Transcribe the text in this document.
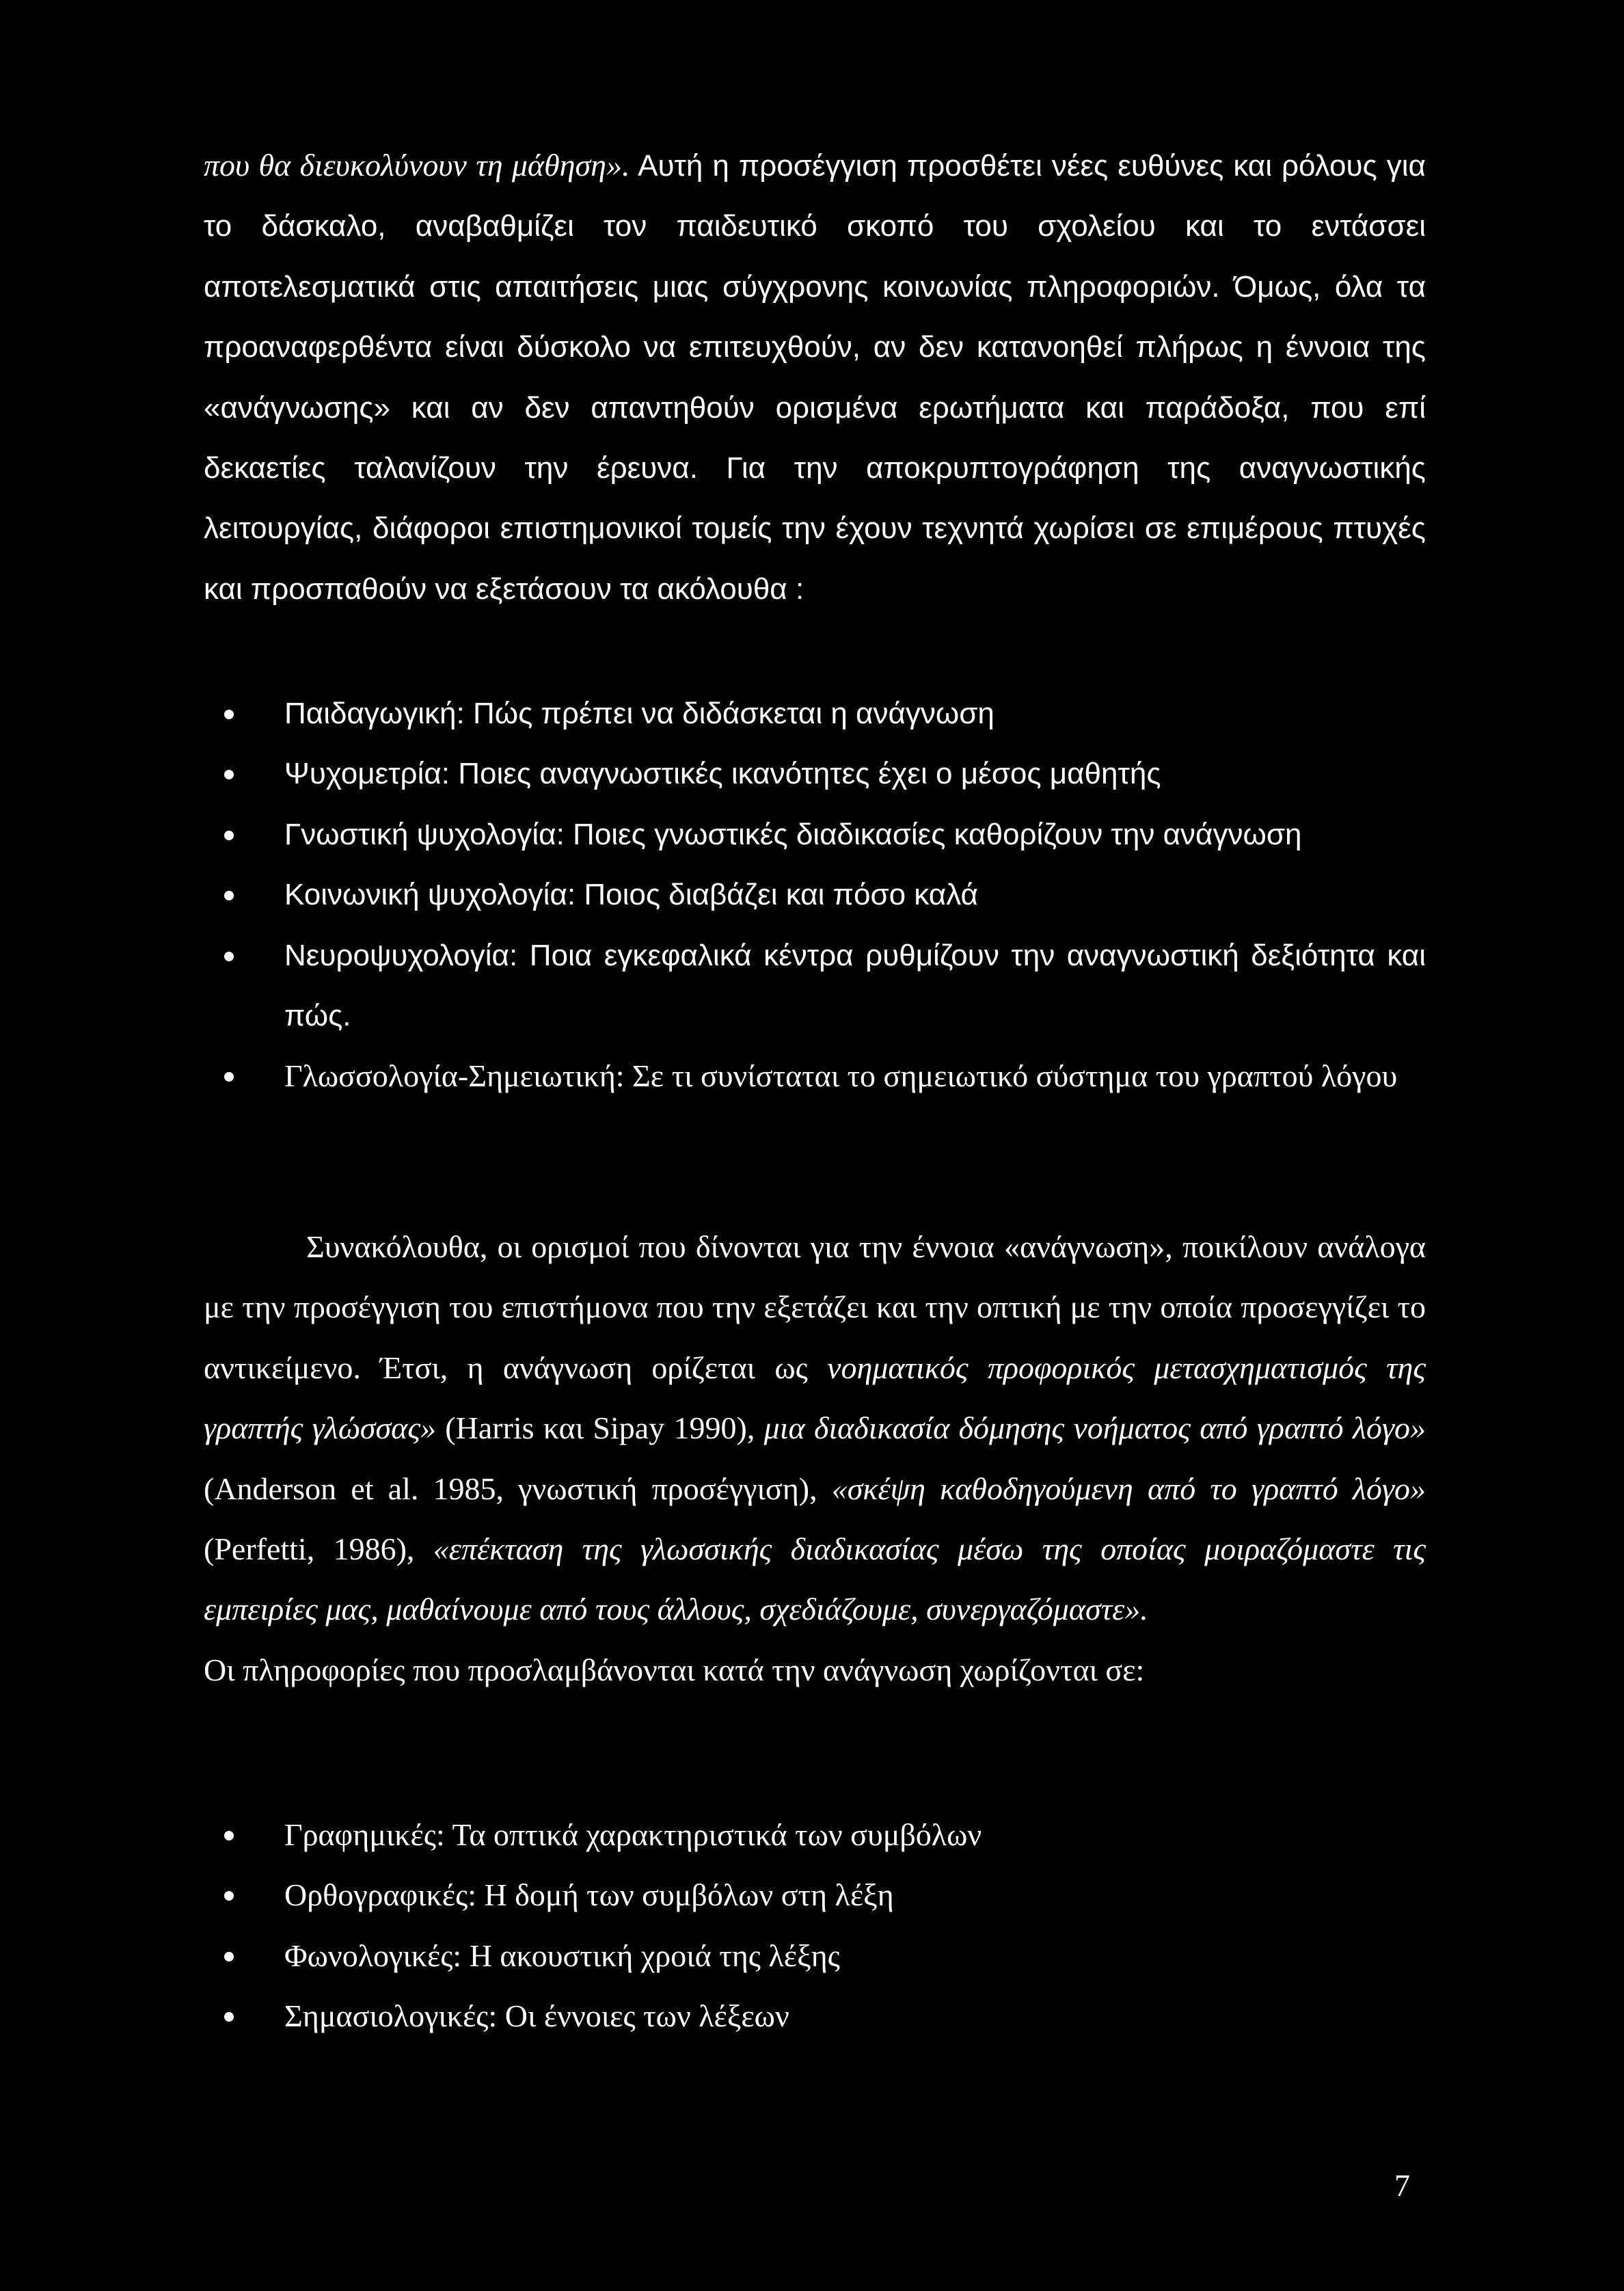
που θα διευκολύνουν τη μάθηση». Αυτή η προσέγγιση προσθέτει νέες ευθύνες και ρόλους για το δάσκαλο, αναβαθμίζει τον παιδευτικό σκοπό του σχολείου και το εντάσσει αποτελεσματικά στις απαιτήσεις μιας σύγχρονης κοινωνίας πληροφοριών. Όμως, όλα τα προαναφερθέντα είναι δύσκολο να επιτευχθούν, αν δεν κατανοηθεί πλήρως η έννοια της «ανάγνωσης» και αν δεν απαντηθούν ορισμένα ερωτήματα και παράδοξα, που επί δεκαετίες ταλανίζουν την έρευνα. Για την αποκρυπτογράφηση της αναγνωστικής λειτουργίας, διάφοροι επιστημονικοί τομείς την έχουν τεχνητά χωρίσει σε επιμέρους πτυχές και προσπαθούν να εξετάσουν τα ακόλουθα :
Παιδαγωγική: Πώς πρέπει να διδάσκεται η ανάγνωση
Ψυχομετρία: Ποιες αναγνωστικές ικανότητες έχει ο μέσος μαθητής
Γνωστική ψυχολογία: Ποιες γνωστικές διαδικασίες καθορίζουν την ανάγνωση
Κοινωνική ψυχολογία: Ποιος διαβάζει και πόσο καλά
Νευροψυχολογία: Ποια εγκεφαλικά κέντρα ρυθμίζουν την αναγνωστική δεξιότητα και πώς.
Γλωσσολογία-Σημειωτική: Σε τι συνίσταται το σημειωτικό σύστημα του γραπτού λόγου
Συνακόλουθα, οι ορισμοί που δίνονται για την έννοια «ανάγνωση», ποικίλουν ανάλογα με την προσέγγιση του επιστήμονα που την εξετάζει και την οπτική με την οποία προσεγγίζει το αντικείμενο. Έτσι, η ανάγνωση ορίζεται ως νοηματικός προφορικός μετασχηματισμός της γραπτής γλώσσας» (Harris και Sipay 1990), μια διαδικασία δόμησης νοήματος από γραπτό λόγο» (Anderson et al. 1985, γνωστική προσέγγιση), «σκέψη καθοδηγούμενη από το γραπτό λόγο» (Perfetti, 1986), «επέκταση της γλωσσικής διαδικασίας μέσω της οποίας μοιραζόμαστε τις εμπειρίες μας, μαθαίνουμε από τους άλλους, σχεδιάζουμε, συνεργαζόμαστε».
Οι πληροφορίες που προσλαμβάνονται κατά την ανάγνωση χωρίζονται σε:
Γραφημικές: Τα οπτικά χαρακτηριστικά των συμβόλων
Ορθογραφικές: Η δομή των συμβόλων στη λέξη
Φωνολογικές: Η ακουστική χροιά της λέξης
Σημασιολογικές: Οι έννοιες των λέξεων
7
